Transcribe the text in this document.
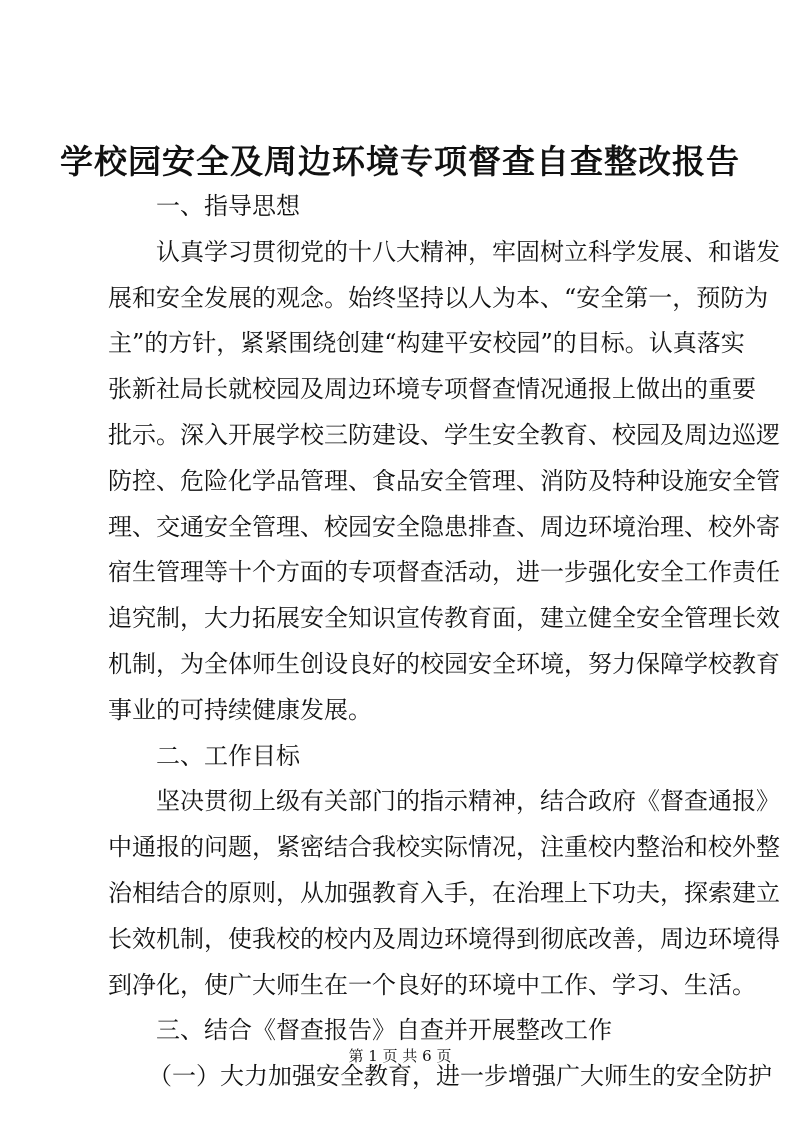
学校园安全及周边环境专项督查自查整改报告
一、指导思想
认真学习贯彻党的十八大精神，牢固树立科学发展、和谐发
展和安全发展的观念。始终坚持以人为本、“安全第一，预防为
主”的方针，紧紧围绕创建“构建平安校园”的目标。认真落实
张新社局长就校园及周边环境专项督查情况通报上做出的重要
批示。深入开展学校三防建设、学生安全教育、校园及周边巡逻
防控、危险化学品管理、食品安全管理、消防及特种设施安全管
理、交通安全管理、校园安全隐患排查、周边环境治理、校外寄
宿生管理等十个方面的专项督查活动，进一步强化安全工作责任
追究制，大力拓展安全知识宣传教育面，建立健全安全管理长效
机制，为全体师生创设良好的校园安全环境，努力保障学校教育
事业的可持续健康发展。
二、工作目标
坚决贯彻上级有关部门的指示精神，结合政府《督查通报》
中通报的问题，紧密结合我校实际情况，注重校内整治和校外整
治相结合的原则，从加强教育入手，在治理上下功夫，探索建立
长效机制，使我校的校内及周边环境得到彻底改善，周边环境得
到净化，使广大师生在一个良好的环境中工作、学习、生活。
三、结合《督查报告》自查并开展整改工作
（一）大力加强安全教育，进一步增强广大师生的安全防护
第 1 页 共 6 页
